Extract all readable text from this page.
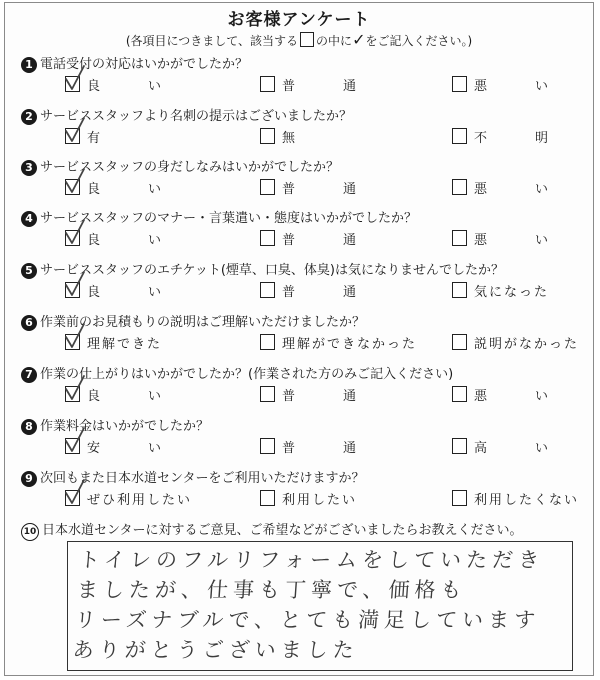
お客様アンケート
(各項目につきまして、該当する の中に✓をご記入ください。)
1 電話受付の対応はいかがでしたか？
良い	普通	悪い
2 サービススタッフより名刺の提示はございましたか？
有	無	不明
3 サービススタッフの身だしなみはいかがでしたか？
良い	普通	悪い
4 サービススタッフのマナー・言葉遣い・態度はいかがでしたか？
良い	普通	悪い
5 サービススタッフのエチケット(煙草、口臭、体臭)は気になりませんでしたか？
良い	普通	気になった
6 作業前のお見積もりの説明はご理解いただけましたか？
理解できた	理解ができなかった	説明がなかった
7 作業の仕上がりはいかがでしたか？(作業された方のみご記入ください)
良い	普通	悪い
8 作業料金はいかがでしたか？
安い	普通	高い
9 次回もまた日本水道センターをご利用いただけますか？
ぜひ利用したい	利用したい	利用したくない
10 日本水道センターに対するご意見、ご希望などがございましたらお教えください。
トイレのフルリフォームをしていただき
ましたが、仕事も丁寧で、価格も
リーズナブルで、とても満足しています
ありがとうございました
